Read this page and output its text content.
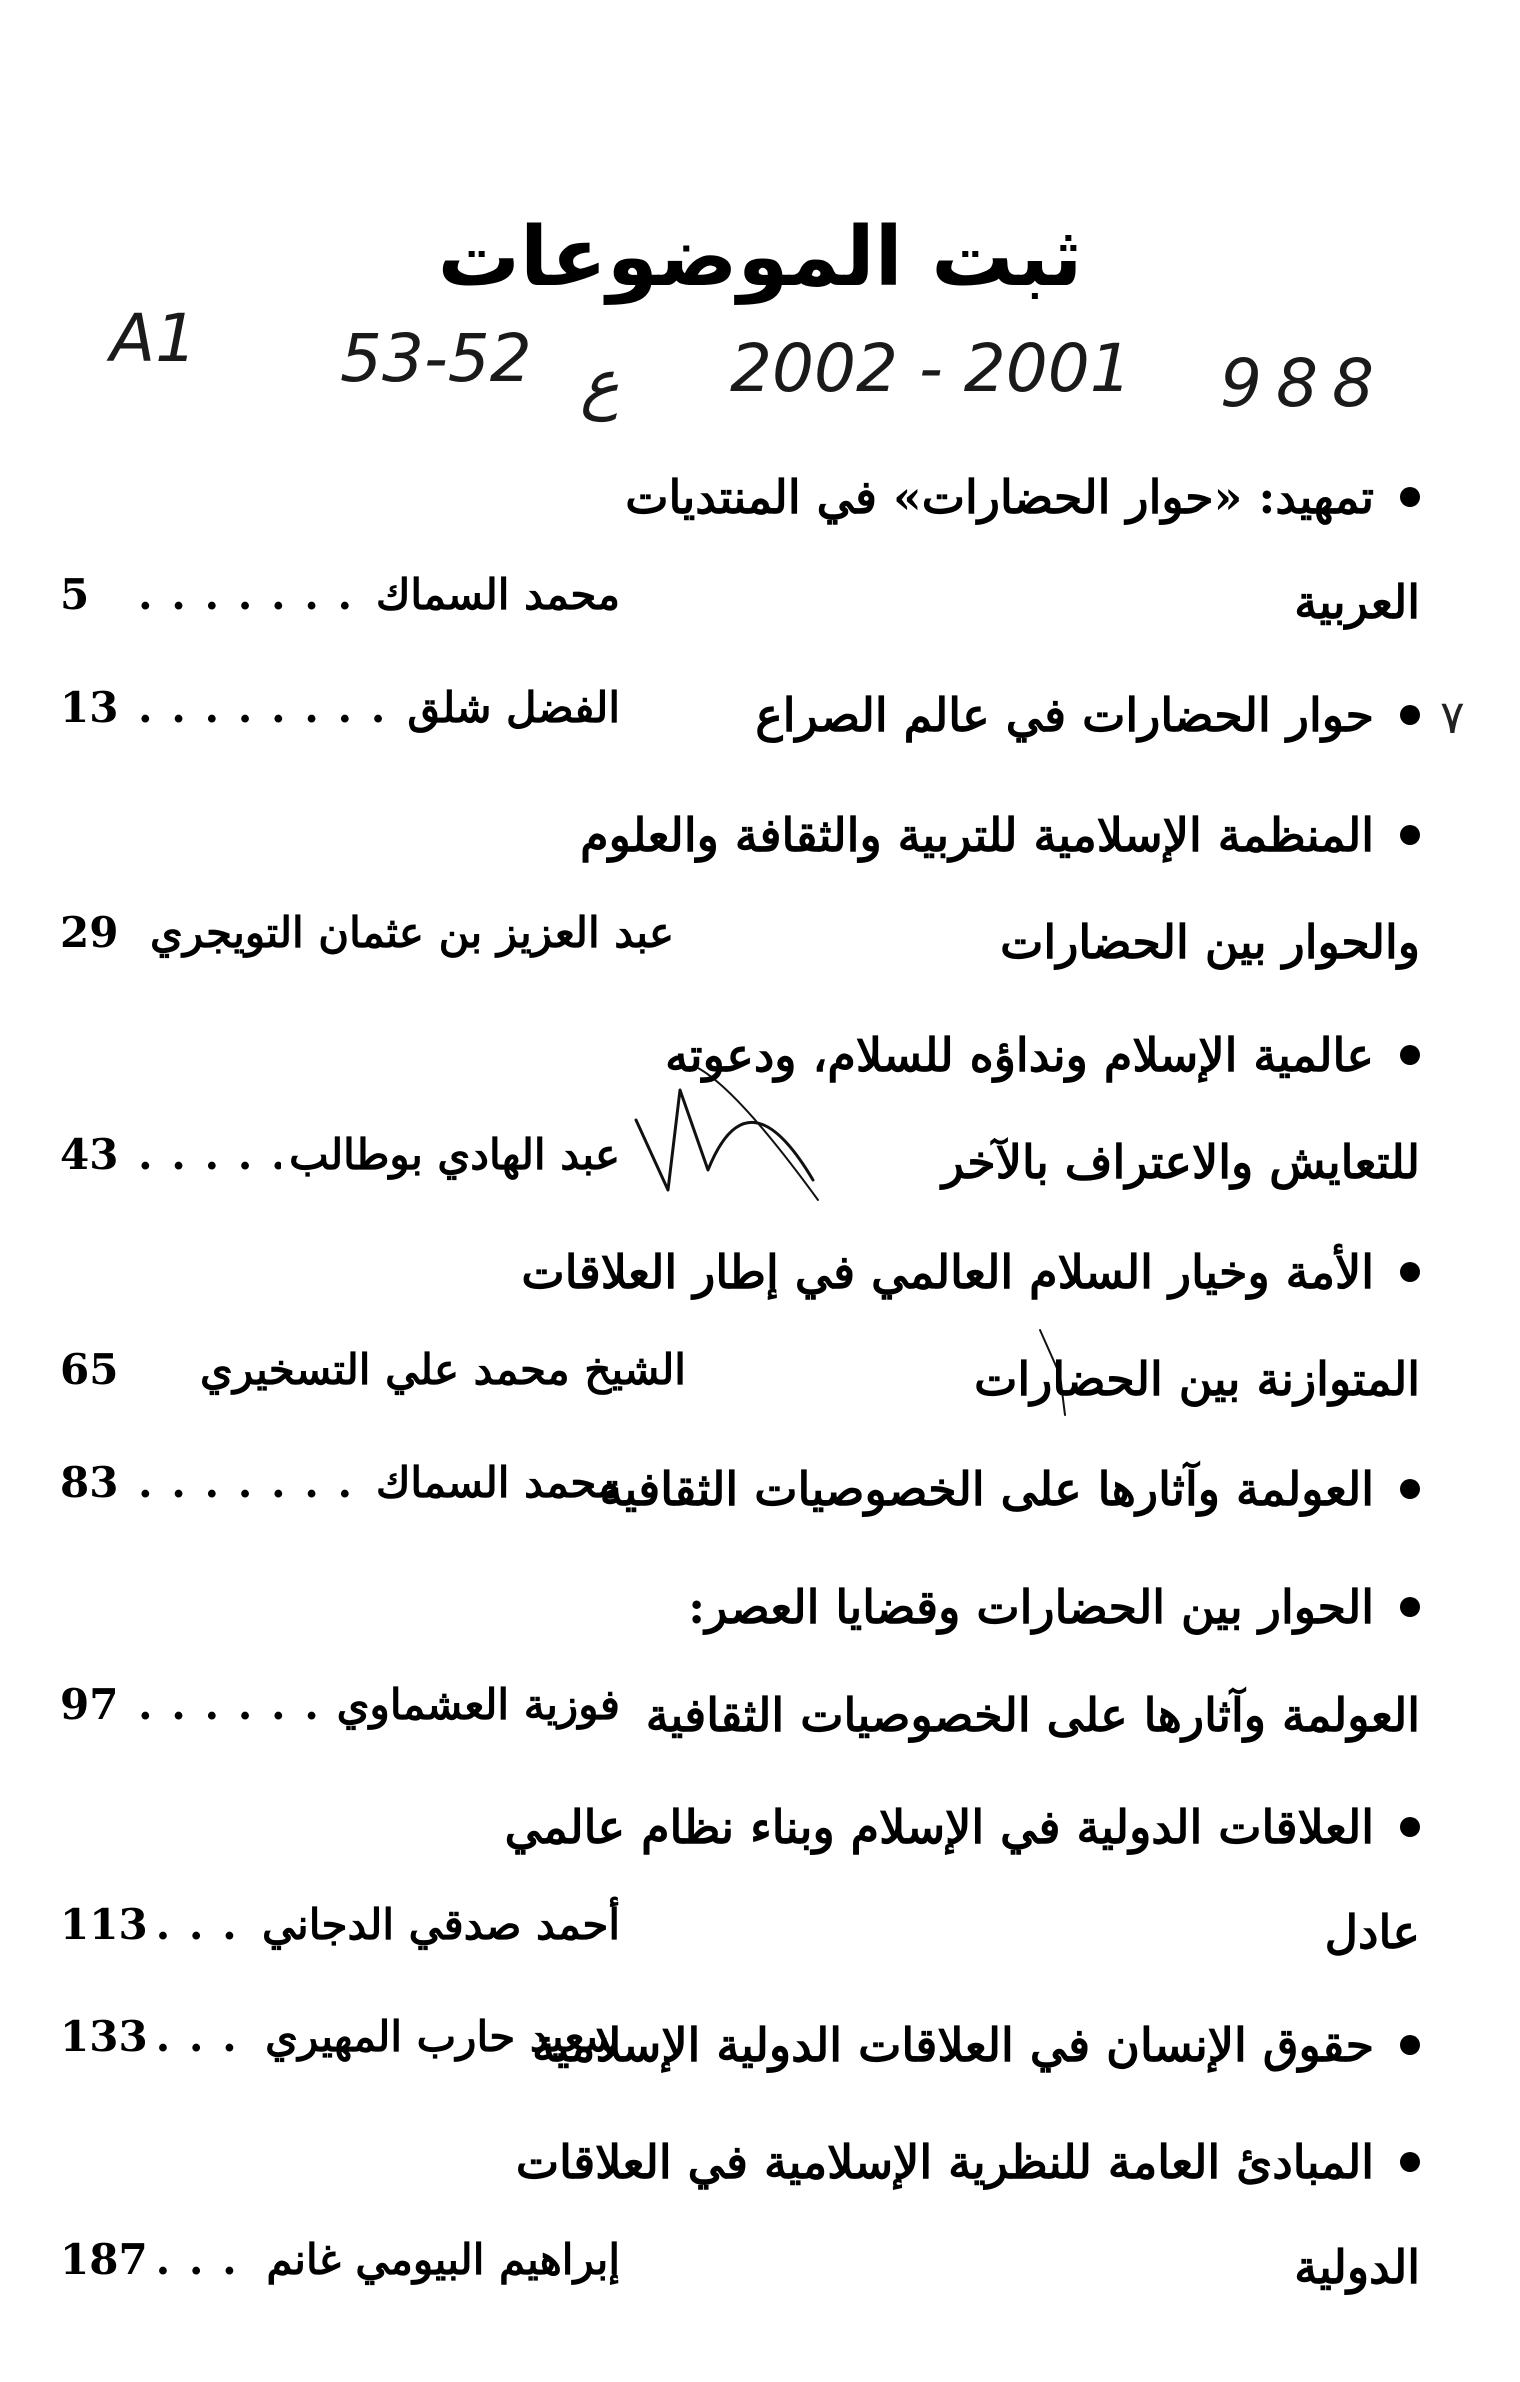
ثبت الموضوعات
A1 53-52 ع 2002 - 2001 988
٧
تمهيد: «حوار الحضارات» في المنتديات
العربية
5 . . .	محمد السماك
حوار الحضارات في عالم الصراع
13 . . .	الفضل شلق
المنظمة الإسلامية للتربية والثقافة والعلوم
والحوار بين الحضارات
29 عبد العزيز بن عثمان التويجري
عالمية الإسلام ونداؤه للسلام، ودعوته
للتعايش والاعتراف بالآخر
43 . . .	عبد الهادي بوطالب
الأمة وخيار السلام العالمي في إطار العلاقات
المتوازنة بين الحضارات
65 الشيخ محمد علي التسخيري
العولمة وآثارها على الخصوصيات الثقافية
83 . . .	محمد السماك
الحوار بين الحضارات وقضايا العصر:
العولمة وآثارها على الخصوصيات الثقافية
97 . . .	فوزية العشماوي
العلاقات الدولية في الإسلام وبناء نظام عالمي
عادل
113 . . .	أحمد صدقي الدجاني
حقوق الإنسان في العلاقات الدولية الإسلامية
133 . . .	سعيد حارب المهيري
المبادئ العامة للنظرية الإسلامية في العلاقات
الدولية
187 . . .	إبراهيم البيومي غانم
